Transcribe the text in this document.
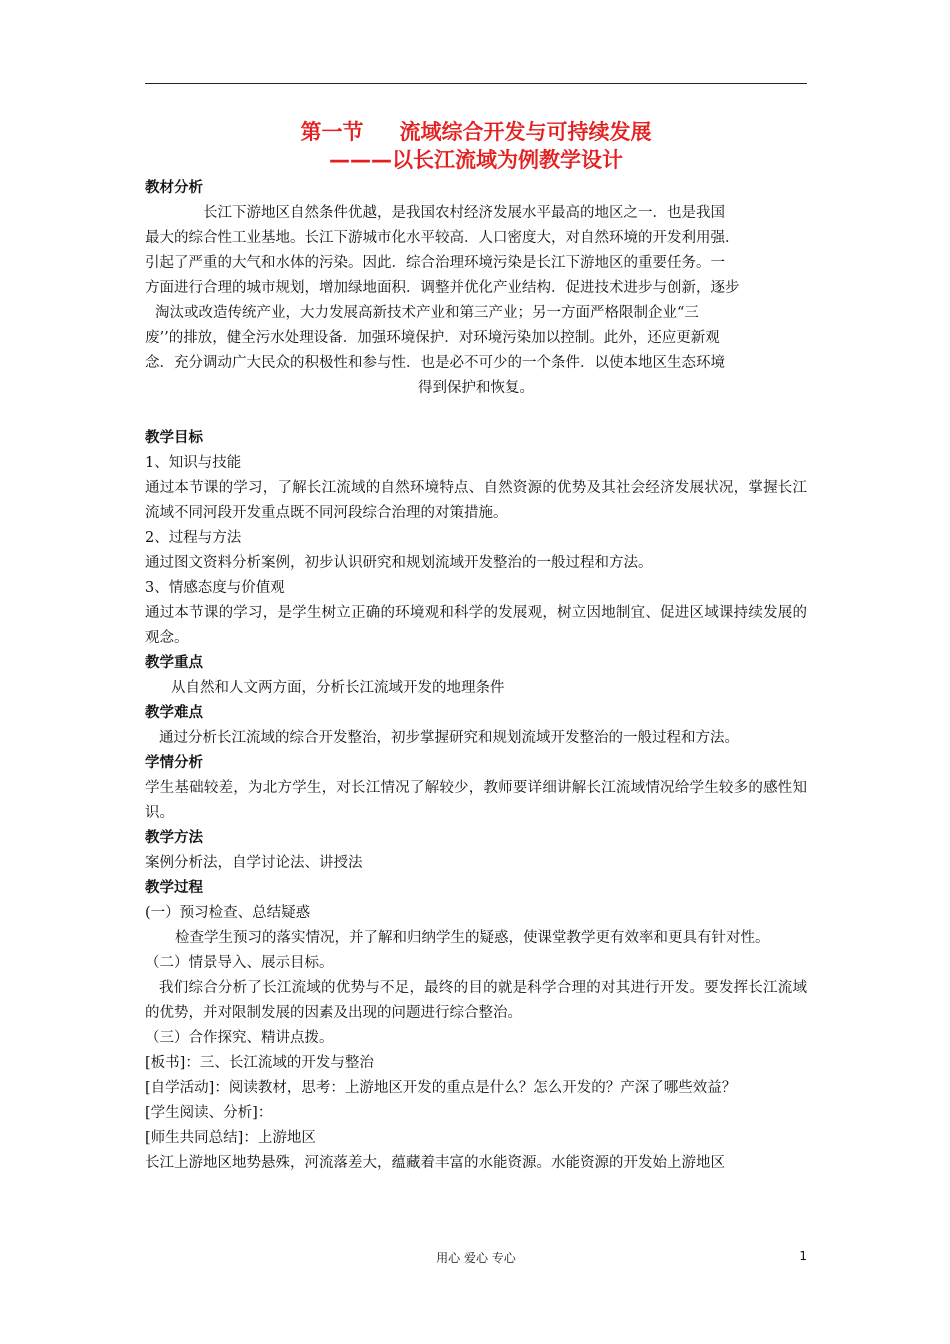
第一节 流域综合开发与可持续发展
———以长江流域为例教学设计

教材分析

长江下游地区自然条件优越，是我国农村经济发展水平最高的地区之一．也是我国

最大的综合性工业基地。长江下游城市化水平较高．人口密度大，对自然环境的开发利用强．

引起了严重的大气和水体的污染。因此．综合治理环境污染是长江下游地区的重要任务。一

方面进行合理的城市规划，增加绿地面积．调整并优化产业结构．促进技术进步与创新，逐步

淘汰或改造传统产业，大力发展高新技术产业和第三产业；另一方面严格限制企业“三

废’’的排放，健全污水处理设备．加强环境保护．对环境污染加以控制。此外，还应更新观

念．充分调动广大民众的积极性和参与性．也是必不可少的一个条件．以使本地区生态环境

得到保护和恢复。

教学目标

1、知识与技能

通过本节课的学习，了解长江流域的自然环境特点、自然资源的优势及其社会经济发展状况，掌握长江流域不同河段开发重点既不同河段综合治理的对策措施。

2、过程与方法

通过图文资料分析案例，初步认识研究和规划流域开发整治的一般过程和方法。

3、情感态度与价值观

通过本节课的学习，是学生树立正确的环境观和科学的发展观，树立因地制宜、促进区域课持续发展的观念。

教学重点

从自然和人文两方面，分析长江流域开发的地理条件

教学难点

通过分析长江流域的综合开发整治，初步掌握研究和规划流域开发整治的一般过程和方法。

学情分析

学生基础较差，为北方学生，对长江情况了解较少，教师要详细讲解长江流域情况给学生较多的感性知识。

教学方法

案例分析法，自学讨论法、讲授法

教学过程

(一）预习检查、总结疑惑

检查学生预习的落实情况，并了解和归纳学生的疑惑，使课堂教学更有效率和更具有针对性。

（二）情景导入、展示目标。

我们综合分析了长江流域的优势与不足，最终的目的就是科学合理的对其进行开发。要发挥长江流域的优势，并对限制发展的因素及出现的问题进行综合整治。

（三）合作探究、精讲点拨。

[板书]：三、长江流域的开发与整治

[自学活动]：阅读教材，思考：上游地区开发的重点是什么？怎么开发的？产深了哪些效益？

[学生阅读、分析]：

[师生共同总结]：上游地区

长江上游地区地势悬殊，河流落差大，蕴藏着丰富的水能资源。水能资源的开发始上游地区

用心 爱心 专心	1
